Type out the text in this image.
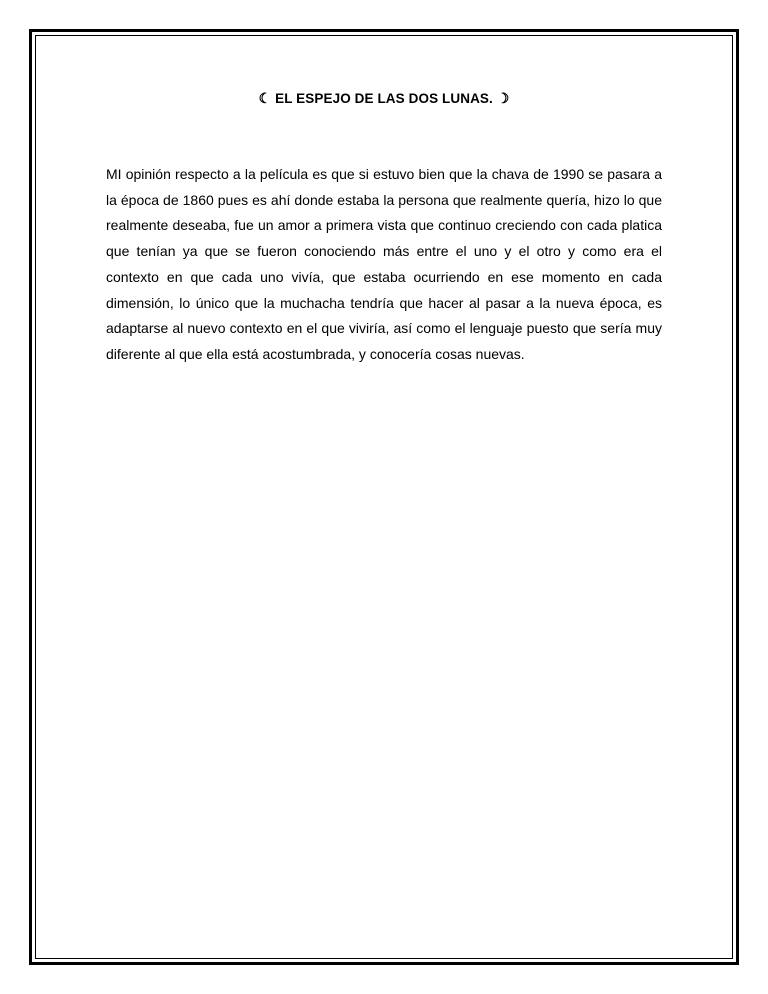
☾ EL ESPEJO DE LAS DOS LUNAS. ☽

MI opinión respecto a la película es que si estuvo bien que la chava de 1990 se pasara a la época de 1860 pues es ahí donde estaba la persona que realmente quería, hizo lo que realmente deseaba, fue un amor a primera vista que continuo creciendo con cada platica que tenían ya que se fueron conociendo más entre el uno y el otro y como era el contexto en que cada uno vivía, que estaba ocurriendo en ese momento en cada dimensión, lo único que la muchacha tendría que hacer al pasar a la nueva época, es adaptarse al nuevo contexto en el que viviría, así como el lenguaje puesto que sería muy diferente al que ella está acostumbrada, y conocería cosas nuevas.
